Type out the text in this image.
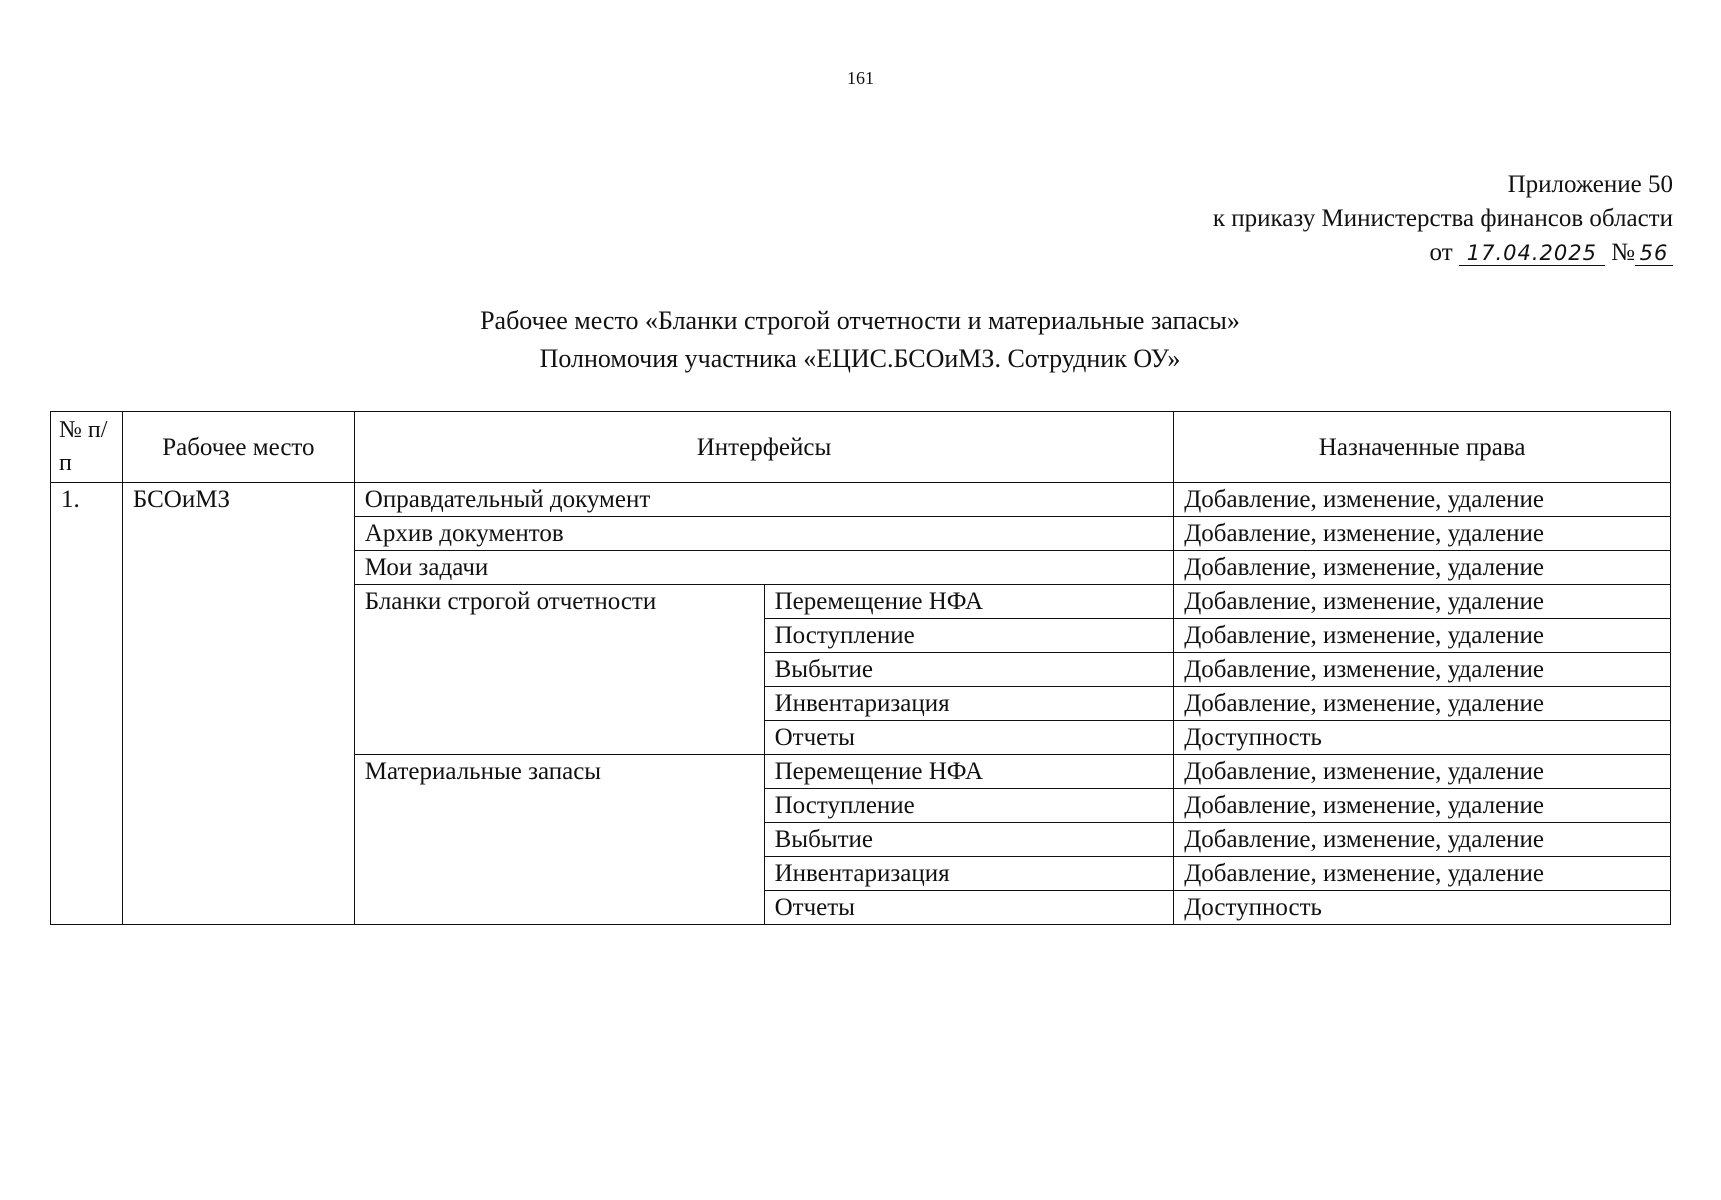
161
Приложение 50
к приказу Министерства финансов области
от 17.04.2025 № 56
Рабочее место «Бланки строгой отчетности и материальные запасы»
Полномочия участника «ЕЦИС.БСОиМЗ. Сотрудник ОУ»
№ п/п	Рабочее место	Интерфейсы		Назначенные права
1.	БСОиМЗ	Оправдательный документ		Добавление, изменение, удаление
		Архив документов		Добавление, изменение, удаление
		Мои задачи		Добавление, изменение, удаление
		Бланки строгой отчетности	Перемещение НФА	Добавление, изменение, удаление
			Поступление	Добавление, изменение, удаление
			Выбытие	Добавление, изменение, удаление
			Инвентаризация	Добавление, изменение, удаление
			Отчеты	Доступность
		Материальные запасы	Перемещение НФА	Добавление, изменение, удаление
			Поступление	Добавление, изменение, удаление
			Выбытие	Добавление, изменение, удаление
			Инвентаризация	Добавление, изменение, удаление
			Отчеты	Доступность
